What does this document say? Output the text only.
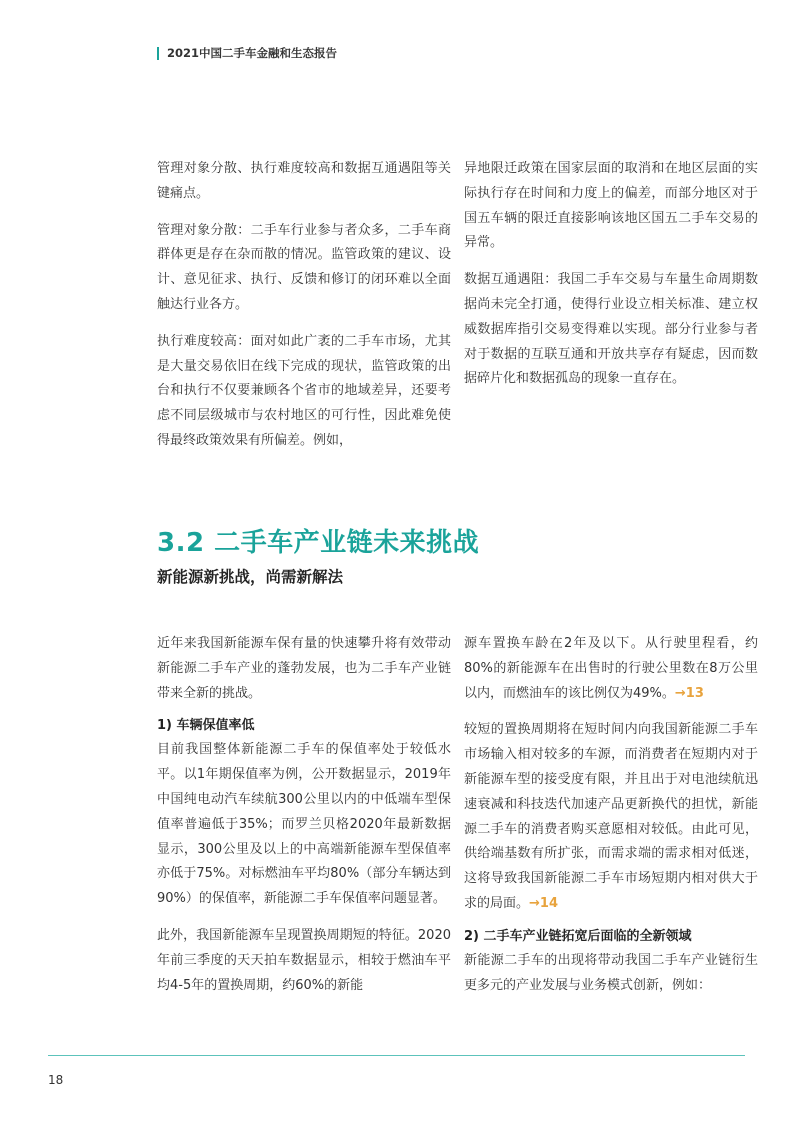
2021中国二手车金融和生态报告

管理对象分散、执行难度较高和数据互通遇阻等关键痛点。

管理对象分散：二手车行业参与者众多，二手车商群体更是存在杂而散的情况。监管政策的建议、设计、意见征求、执行、反馈和修订的闭环难以全面触达行业各方。

执行难度较高：面对如此广袤的二手车市场，尤其是大量交易依旧在线下完成的现状，监管政策的出台和执行不仅要兼顾各个省市的地域差异，还要考虑不同层级城市与农村地区的可行性，因此难免使得最终政策效果有所偏差。例如，

异地限迁政策在国家层面的取消和在地区层面的实际执行存在时间和力度上的偏差，而部分地区对于国五车辆的限迁直接影响该地区国五二手车交易的异常。

数据互通遇阻：我国二手车交易与车量生命周期数据尚未完全打通，使得行业设立相关标准、建立权威数据库指引交易变得难以实现。部分行业参与者对于数据的互联互通和开放共享存有疑虑，因而数据碎片化和数据孤岛的现象一直存在。

3.2 二手车产业链未来挑战
新能源新挑战，尚需新解法

近年来我国新能源车保有量的快速攀升将有效带动新能源二手车产业的蓬勃发展，也为二手车产业链带来全新的挑战。

1) 车辆保值率低

目前我国整体新能源二手车的保值率处于较低水平。以1年期保值率为例，公开数据显示，2019年中国纯电动汽车续航300公里以内的中低端车型保值率普遍低于35%；而罗兰贝格2020年最新数据显示，300公里及以上的中高端新能源车型保值率亦低于75%。对标燃油车平均80%（部分车辆达到90%）的保值率，新能源二手车保值率问题显著。

此外，我国新能源车呈现置换周期短的特征。2020年前三季度的天天拍车数据显示，相较于燃油车平均4-5年的置换周期，约60%的新能

源车置换车龄在2年及以下。从行驶里程看，约80%的新能源车在出售时的行驶公里数在8万公里以内，而燃油车的该比例仅为49%。→13

较短的置换周期将在短时间内向我国新能源二手车市场输入相对较多的车源，而消费者在短期内对于新能源车型的接受度有限，并且出于对电池续航迅速衰减和科技迭代加速产品更新换代的担忧，新能源二手车的消费者购买意愿相对较低。由此可见，供给端基数有所扩张，而需求端的需求相对低迷，这将导致我国新能源二手车市场短期内相对供大于求的局面。→14

2) 二手车产业链拓宽后面临的全新领域

新能源二手车的出现将带动我国二手车产业链衍生更多元的产业发展与业务模式创新，例如：

18
